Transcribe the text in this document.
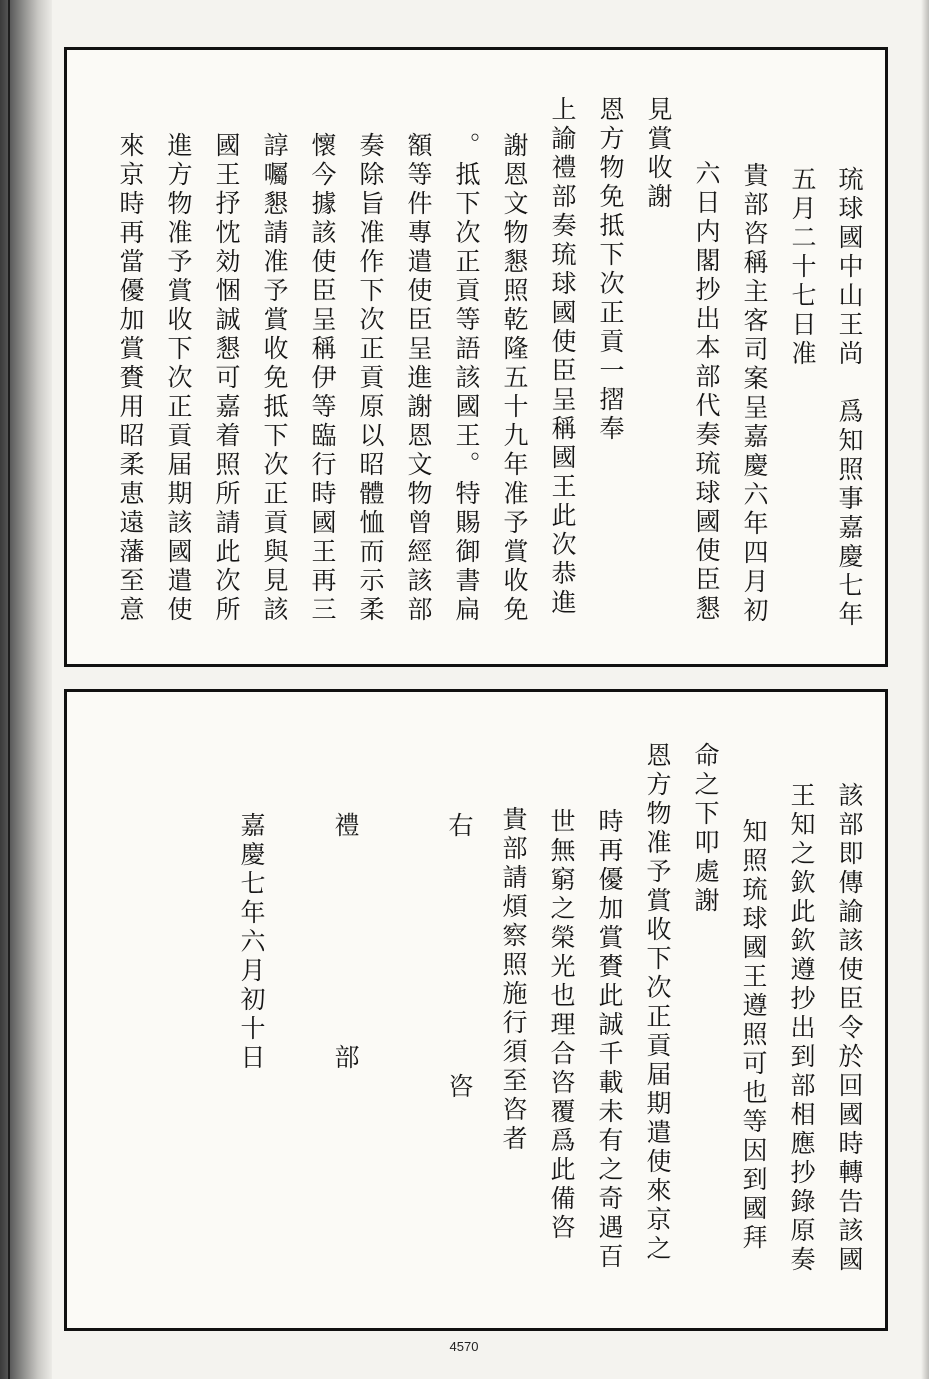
琉球國中山王尚　爲知照事嘉慶七年
五月二十七日准
貴部咨稱主客司案呈嘉慶六年四月初
六日内閣抄出本部代奏琉球國使臣懇
見賞收謝
恩方物免抵下次正貢一摺奉
上諭禮部奏琉球國使臣呈稱國王此次恭進
謝恩文物懇照乾隆五十九年准予賞收免
。抵下次正貢等語該國王。特賜御書扁
額等件專遣使臣呈進謝恩文物曾經該部
奏除旨准作下次正貢原以昭體恤而示柔
懷今據該使臣呈稱伊等臨行時國王再三
諄囑懇請准予賞收免抵下次正貢與見該
國王抒忱効悃誠懇可嘉着照所請此次所
進方物准予賞收下次正貢届期該國遣使
來京時再當優加賞賚用昭柔恵遠藩至意
該部即傳諭該使臣令於回國時轉告該國
王知之欽此欽遵抄出到部相應抄錄原奏
知照琉球國王遵照可也等因到國拜
命之下叩處謝
恩方物准予賞收下次正貢届期遣使來京之
時再優加賞賚此誠千載未有之奇遇百
世無窮之榮光也理合咨覆爲此備咨
貴部請煩察照施行須至咨者
右　　　　　　　　咨
禮　　　　　　　部
嘉慶七年六月初十日
4570
